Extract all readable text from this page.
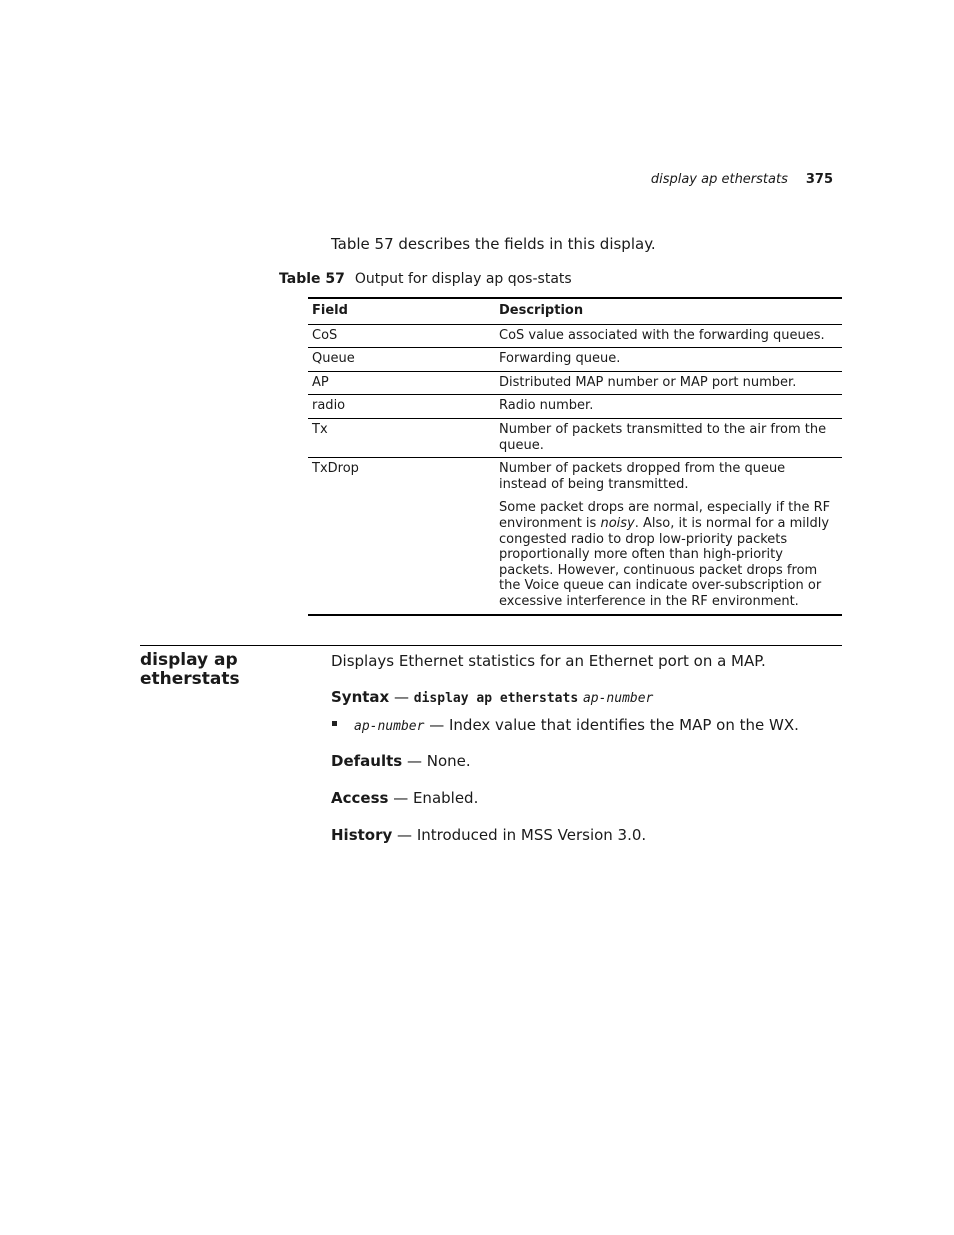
display ap etherstats 375
Table 57 describes the fields in this display.
Table 57 Output for display ap qos-stats
Field	Description
CoS	CoS value associated with the forwarding queues.
Queue	Forwarding queue.
AP	Distributed MAP number or MAP port number.
radio	Radio number.
Tx	Number of packets transmitted to the air from the queue.
TxDrop	Number of packets dropped from the queue instead of being transmitted.

Some packet drops are normal, especially if the RF environment is noisy. Also, it is normal for a mildly congested radio to drop low-priority packets proportionally more often than high-priority packets. However, continuous packet drops from the Voice queue can indicate over-subscription or excessive interference in the RF environment.

display ap etherstats
Displays Ethernet statistics for an Ethernet port on a MAP.
Syntax — display ap etherstats ap-number
ap-number — Index value that identifies the MAP on the WX.
Defaults — None.
Access — Enabled.
History — Introduced in MSS Version 3.0.
